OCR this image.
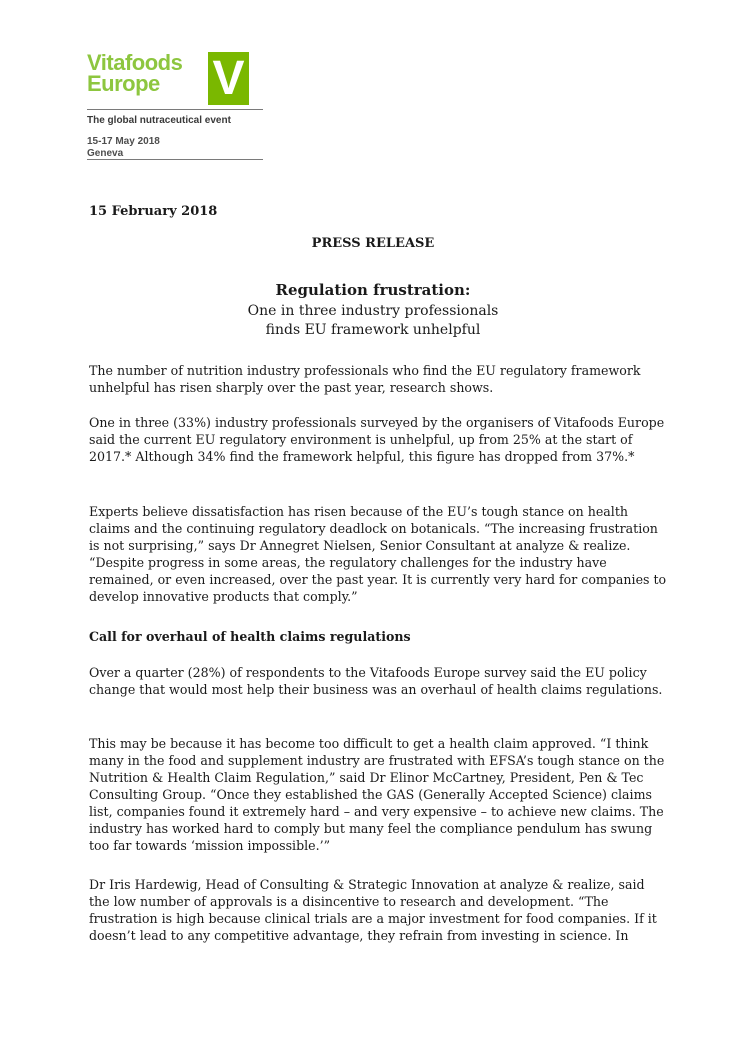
Vitafoods
Europe V
The global nutraceutical event
15-17 May 2018
Geneva
15 February 2018
PRESS RELEASE
Regulation frustration:
One in three industry professionals
finds EU framework unhelpful

The number of nutrition industry professionals who find the EU regulatory framework unhelpful has risen sharply over the past year, research shows.

One in three (33%) industry professionals surveyed by the organisers of Vitafoods Europe said the current EU regulatory environment is unhelpful, up from 25% at the start of 2017.* Although 34% find the framework helpful, this figure has dropped from 37%.*

Experts believe dissatisfaction has risen because of the EU’s tough stance on health claims and the continuing regulatory deadlock on botanicals. “The increasing frustration is not surprising,” says Dr Annegret Nielsen, Senior Consultant at analyze & realize. “Despite progress in some areas, the regulatory challenges for the industry have remained, or even increased, over the past year. It is currently very hard for companies to develop innovative products that comply.”

Call for overhaul of health claims regulations

Over a quarter (28%) of respondents to the Vitafoods Europe survey said the EU policy change that would most help their business was an overhaul of health claims regulations.

This may be because it has become too difficult to get a health claim approved. “I think many in the food and supplement industry are frustrated with EFSA’s tough stance on the Nutrition & Health Claim Regulation,” said Dr Elinor McCartney, President, Pen & Tec Consulting Group. “Once they established the GAS (Generally Accepted Science) claims list, companies found it extremely hard – and very expensive – to achieve new claims. The industry has worked hard to comply but many feel the compliance pendulum has swung too far towards ‘mission impossible.’”

Dr Iris Hardewig, Head of Consulting & Strategic Innovation at analyze & realize, said the low number of approvals is a disincentive to research and development. “The frustration is high because clinical trials are a major investment for food companies. If it doesn’t lead to any competitive advantage, they refrain from investing in science. In
